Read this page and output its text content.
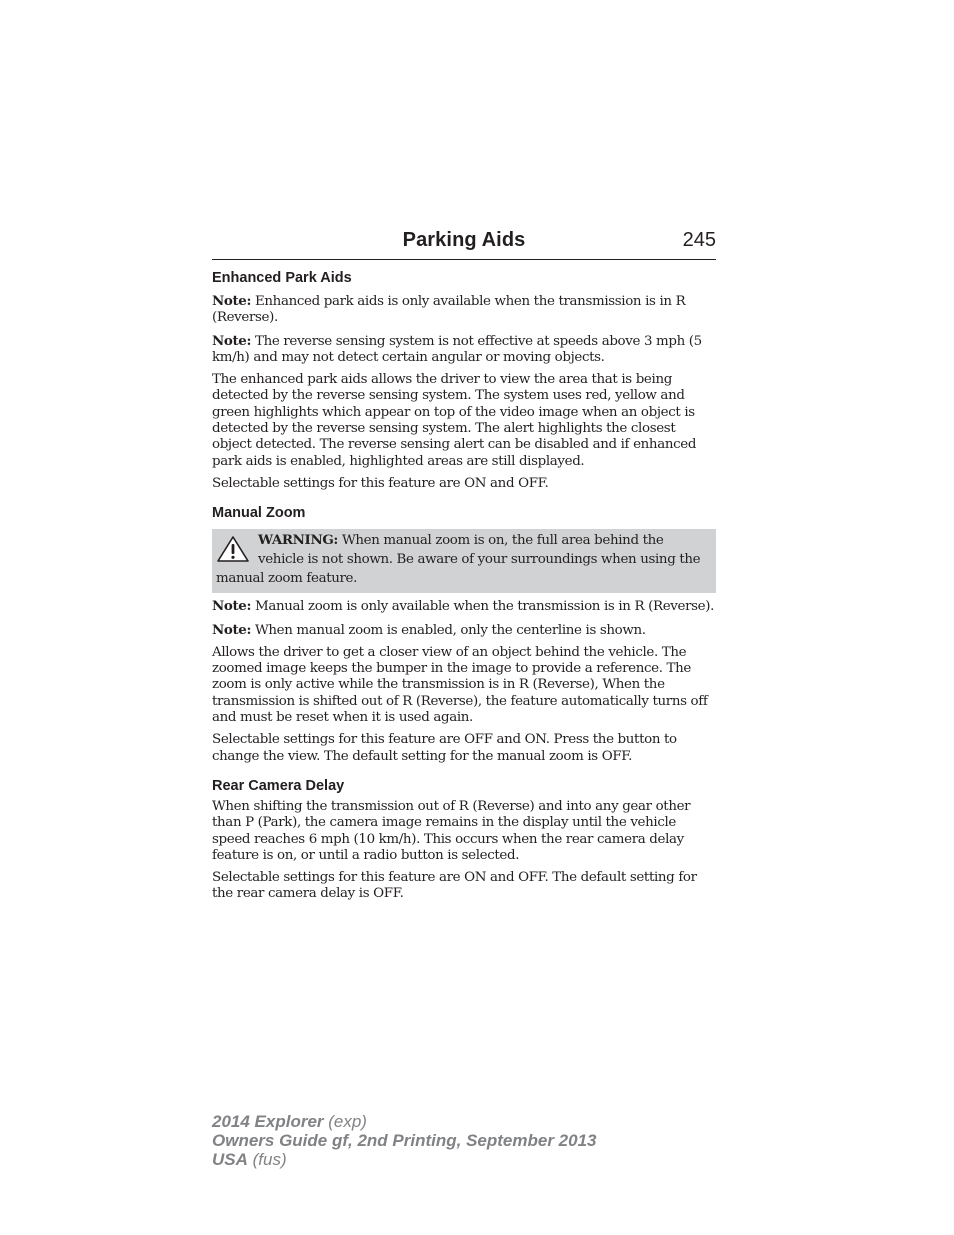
Parking Aids	245
Enhanced Park Aids

Note: Enhanced park aids is only available when the transmission is in R (Reverse).

Note: The reverse sensing system is not effective at speeds above 3 mph (5 km/h) and may not detect certain angular or moving objects.

The enhanced park aids allows the driver to view the area that is being detected by the reverse sensing system. The system uses red, yellow and green highlights which appear on top of the video image when an object is detected by the reverse sensing system. The alert highlights the closest object detected. The reverse sensing alert can be disabled and if enhanced park aids is enabled, highlighted areas are still displayed.

Selectable settings for this feature are ON and OFF.

Manual Zoom

WARNING: When manual zoom is on, the full area behind the vehicle is not shown. Be aware of your surroundings when using the manual zoom feature.

Note: Manual zoom is only available when the transmission is in R (Reverse).

Note: When manual zoom is enabled, only the centerline is shown.

Allows the driver to get a closer view of an object behind the vehicle. The zoomed image keeps the bumper in the image to provide a reference. The zoom is only active while the transmission is in R (Reverse), When the transmission is shifted out of R (Reverse), the feature automatically turns off and must be reset when it is used again.

Selectable settings for this feature are OFF and ON. Press the button to change the view. The default setting for the manual zoom is OFF.

Rear Camera Delay

When shifting the transmission out of R (Reverse) and into any gear other than P (Park), the camera image remains in the display until the vehicle speed reaches 6 mph (10 km/h). This occurs when the rear camera delay feature is on, or until a radio button is selected.

Selectable settings for this feature are ON and OFF. The default setting for the rear camera delay is OFF.

2014 Explorer (exp)
Owners Guide gf, 2nd Printing, September 2013
USA (fus)
